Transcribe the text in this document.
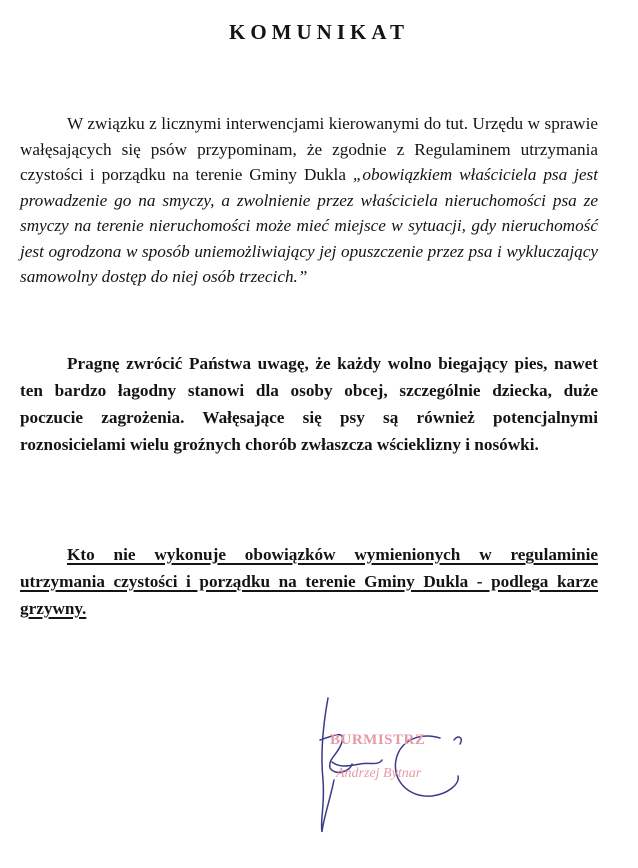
KOMUNIKAT

W związku z licznymi interwencjami kierowanymi do tut. Urzędu w sprawie wałęsających się psów przypominam, że zgodnie z Regulaminem utrzymania czystości i porządku na terenie Gminy Dukla „obowiązkiem właściciela psa jest prowadzenie go na smyczy, a zwolnienie przez właściciela nieruchomości psa ze smyczy na terenie nieruchomości może mieć miejsce w sytuacji, gdy nieruchomość jest ogrodzona w sposób uniemożliwiający jej opuszczenie przez psa i wykluczający samowolny dostęp do niej osób trzecich.”

Pragnę zwrócić Państwa uwagę, że każdy wolno biegający pies, nawet ten bardzo łagodny stanowi dla osoby obcej, szczególnie dziecka, duże poczucie zagrożenia. Wałęsające się psy są również potencjalnymi roznosicielami wielu groźnych chorób zwłaszcza wścieklizny i nosówki.

Kto nie wykonuje obowiązków wymienionych w regulaminie utrzymania czystości i porządku na terenie Gminy Dukla - podlega karze grzywny.

BURMISTRZ
Andrzej Bytnar
